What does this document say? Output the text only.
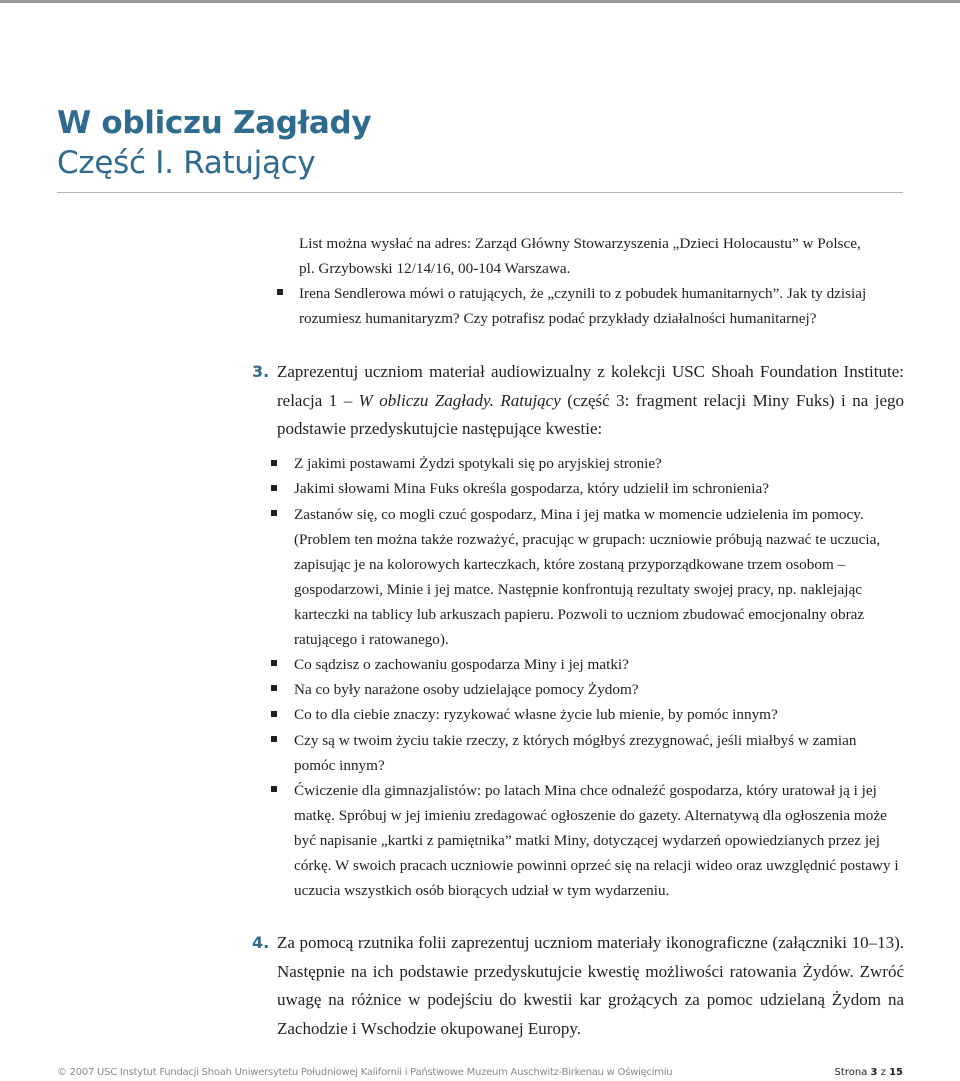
W obliczu Zagłady
Część I. Ratujący
List można wysłać na adres: Zarząd Główny Stowarzyszenia „Dzieci Holocaustu” w Polsce,
pl. Grzybowski 12/14/16, 00-104 Warszawa.
Irena Sendlerowa mówi o ratujących, że „czynili to z pobudek humanitarnych”. Jak ty dzisiaj
rozumiesz humanitaryzm? Czy potrafisz podać przykłady działalności humanitarnej?
3. Zaprezentuj uczniom materiał audiowizualny z kolekcji USC Shoah Foundation Institute: relacja 1 – W obliczu Zagłady. Ratujący (część 3: fragment relacji Miny Fuks) i na jego podstawie przedyskutujcie następujące kwestie:
Z jakimi postawami Żydzi spotykali się po aryjskiej stronie?
Jakimi słowami Mina Fuks określa gospodarza, który udzielił im schronienia?
Zastanów się, co mogli czuć gospodarz, Mina i jej matka w momencie udzielenia im pomocy. (Problem ten można także rozważyć, pracując w grupach: uczniowie próbują nazwać te uczucia, zapisując je na kolorowych karteczkach, które zostaną przyporządkowane trzem osobom – gospodarzowi, Minie i jej matce. Następnie konfrontują rezultaty swojej pracy, np. naklejając karteczki na tablicy lub arkuszach papieru. Pozwoli to uczniom zbudować emocjonalny obraz ratującego i ratowanego).
Co sądzisz o zachowaniu gospodarza Miny i jej matki?
Na co były narażone osoby udzielające pomocy Żydom?
Co to dla ciebie znaczy: ryzykować własne życie lub mienie, by pomóc innym?
Czy są w twoim życiu takie rzeczy, z których mógłbyś zrezygnować, jeśli miałbyś w zamian pomóc innym?
Ćwiczenie dla gimnazjalistów: po latach Mina chce odnaleźć gospodarza, który uratował ją i jej matkę. Spróbuj w jej imieniu zredagować ogłoszenie do gazety. Alternatywą dla ogłoszenia może być napisanie „kartki z pamiętnika” matki Miny, dotyczącej wydarzeń opowiedzianych przez jej córkę. W swoich pracach uczniowie powinni oprzeć się na relacji wideo oraz uwzględnić postawy i uczucia wszystkich osób biorących udział w tym wydarzeniu.
4. Za pomocą rzutnika folii zaprezentuj uczniom materiały ikonograficzne (załączniki 10–13). Następnie na ich podstawie przedyskutujcie kwestię możliwości ratowania Żydów. Zwróć uwagę na różnice w podejściu do kwestii kar grożących za pomoc udzielaną Żydom na Zachodzie i Wschodzie okupowanej Europy.
© 2007 USC Instytut Fundacji Shoah Uniwersytetu Południowej Kalifornii i Państwowe Muzeum Auschwitz-Birkenau w Oświęcimiu	Strona 3 z 15
